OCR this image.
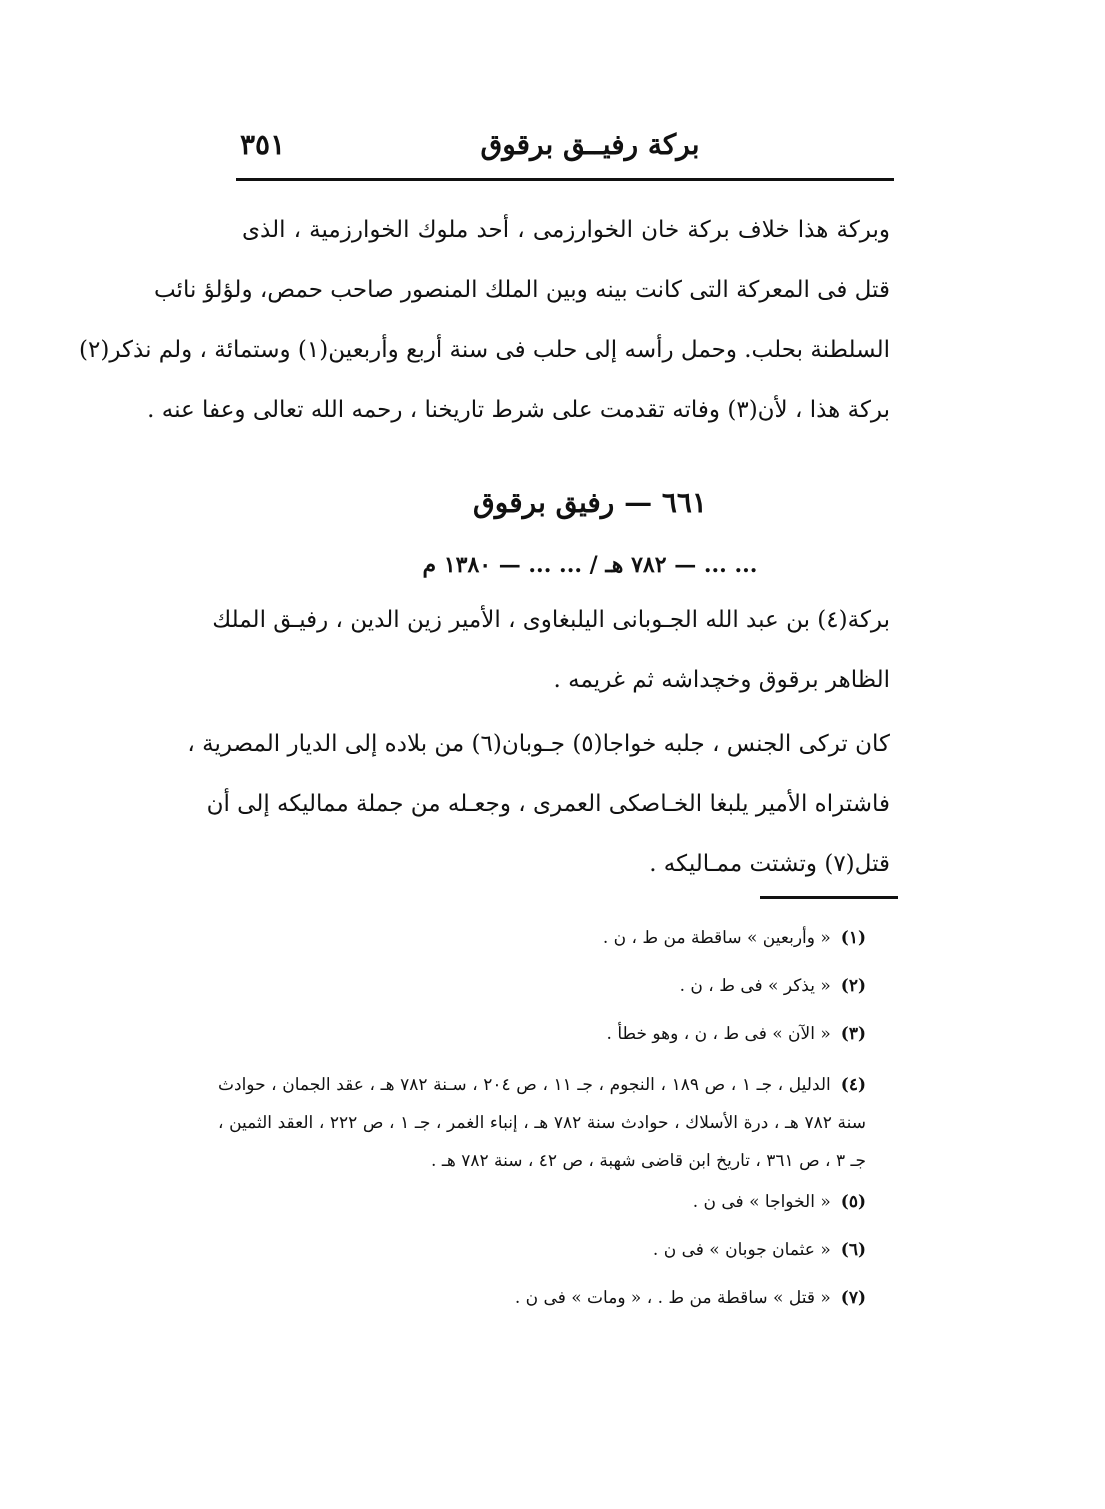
٣٥١	بركة رفيــق برقوق
وبركة هذا خلاف بركة خان الخوارزمى ، أحد ملوك الخوارزمية ، الذى
قتل فى المعركة التى كانت بينه وبين الملك المنصور صاحب حمص، ولؤلؤ نائب
السلطنة بحلب. وحمل رأسه إلى حلب فى سنة أربع وأربعين(١) وستمائة ، ولم نذكر(٢)
بركة هذا ، لأن(٣) وفاته تقدمت على شرط تاريخنا ، رحمه الله تعالى وعفا عنه .
٦٦١ — رفيق برقوق
... ... — ٧٨٢ هـ / ... ... — ١٣٨٠ م
بركة(٤) بن عبد الله الجـوبانى اليلبغاوى ، الأمير زين الدين ، رفيـق الملك
الظاهر برقوق وخچداشه ثم غريمه .
كان تركى الجنس ، جلبه خواجا(٥) جـوبان(٦) من بلاده إلى الديار المصرية ،
فاشتراه الأمير يلبغا الخـاصكى العمرى ، وجعـله من جملة مماليكه إلى أن
قتل(٧) وتشتت ممـاليكه .
(١)« وأربعين » ساقطة من ط ، ن .
(٢)« يذكر » فى ط ، ن .
(٣)« الآن » فى ط ، ن ، وهو خطأ .
(٤)الدليل ، جـ ١ ، ص ١٨٩ ، النجوم ، جـ ١١ ، ص ٢٠٤ ، سـنة ٧٨٢ هـ ، عقد الجمان ، حوادث سنة ٧٨٢ هـ ، درة الأسلاك ، حوادث سنة ٧٨٢ هـ ، إنباء الغمر ، جـ ١ ، ص ٢٢٢ ، العقد الثمين ، جـ ٣ ، ص ٣٦١ ، تاريخ ابن قاضى شهبة ، ص ٤٢ ، سنة ٧٨٢ هـ .
(٥)« الخواجا » فى ن .
(٦)« عثمان جوبان » فى ن .
(٧)« قتل » ساقطة من ط . ، « ومات » فى ن .
